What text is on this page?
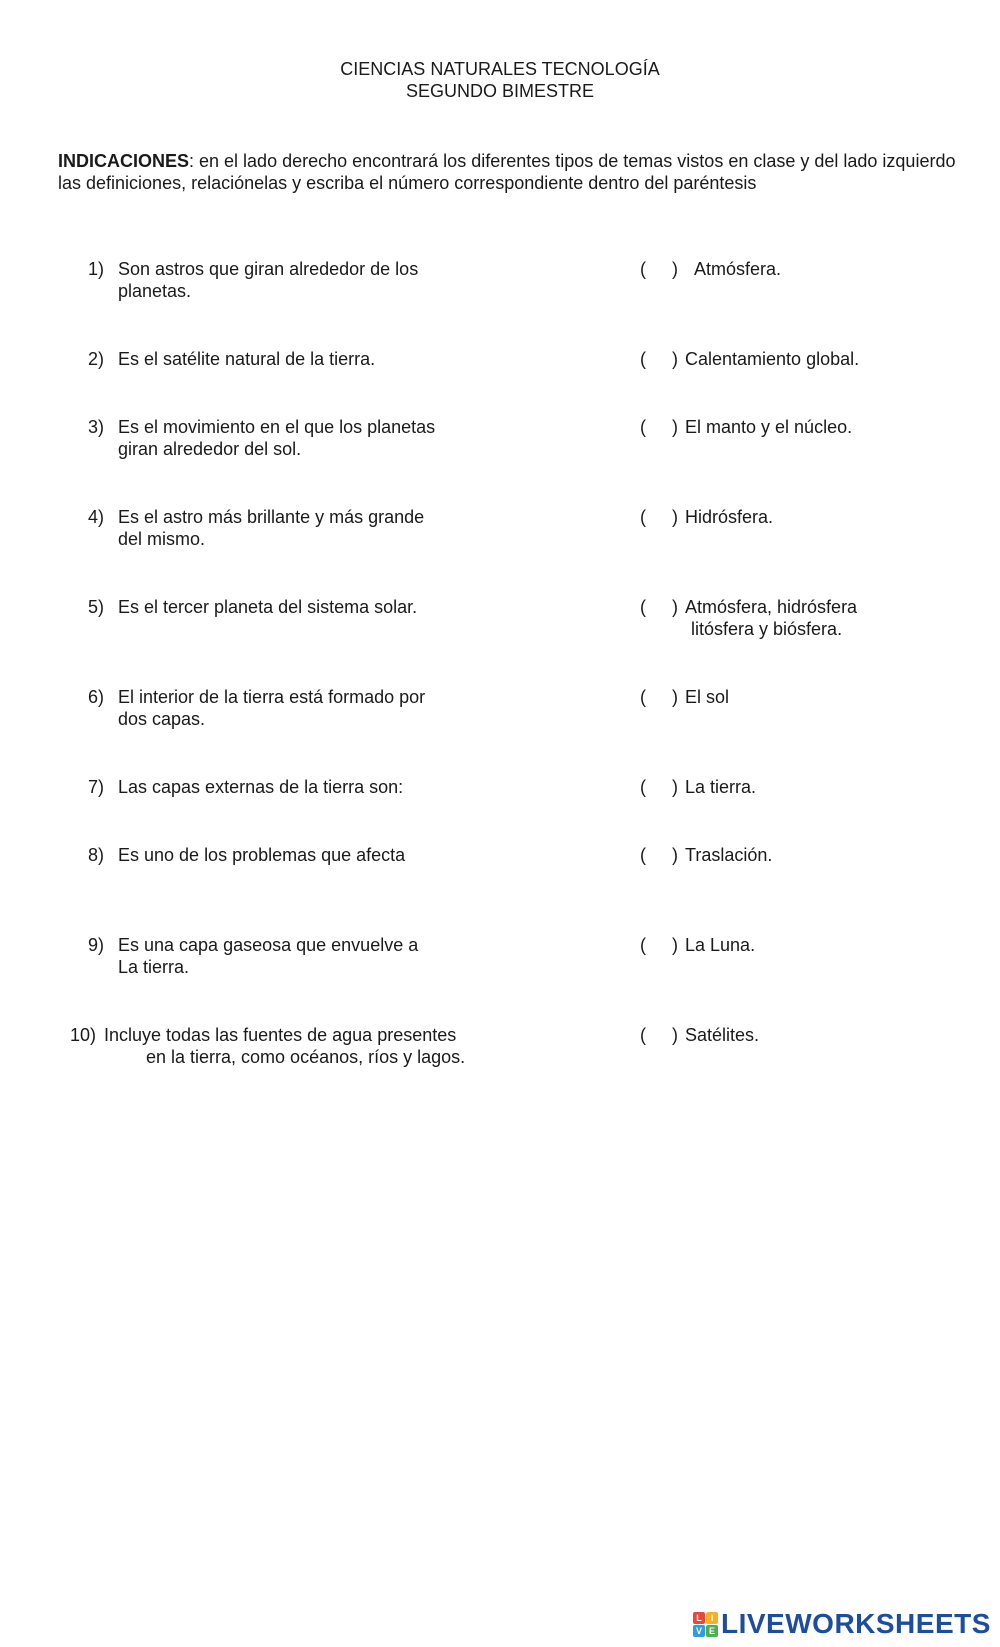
CIENCIAS NATURALES TECNOLOGÍA
SEGUNDO BIMESTRE
INDICACIONES: en el lado derecho encontrará los diferentes tipos de temas vistos en clase y del lado izquierdo las definiciones, relaciónelas y escriba el número correspondiente dentro del paréntesis
1) Son astros que giran alrededor de los
planetas.
( ) Atmósfera.
2) Es el satélite natural de la tierra.	( ) Calentamiento global.
3) Es el movimiento en el que los planetas
giran alrededor del sol.
( ) El manto y el núcleo.
4) Es el astro más brillante y más grande
del mismo.
( ) Hidrósfera.
5) Es el tercer planeta del sistema solar.	( ) Atmósfera, hidrósfera
litósfera y biósfera.
6) El interior de la tierra está formado por
dos capas.
( ) El sol
7) Las capas externas de la tierra son:	( ) La tierra.
8) Es uno de los problemas que afecta	( ) Traslación.
9) Es una capa gaseosa que envuelve a
La tierra.
( ) La Luna.
10) Incluye todas las fuentes de agua presentes
en la tierra, como océanos, ríos y lagos.
( ) Satélites.
L I
V E LIVEWORKSHEETS
